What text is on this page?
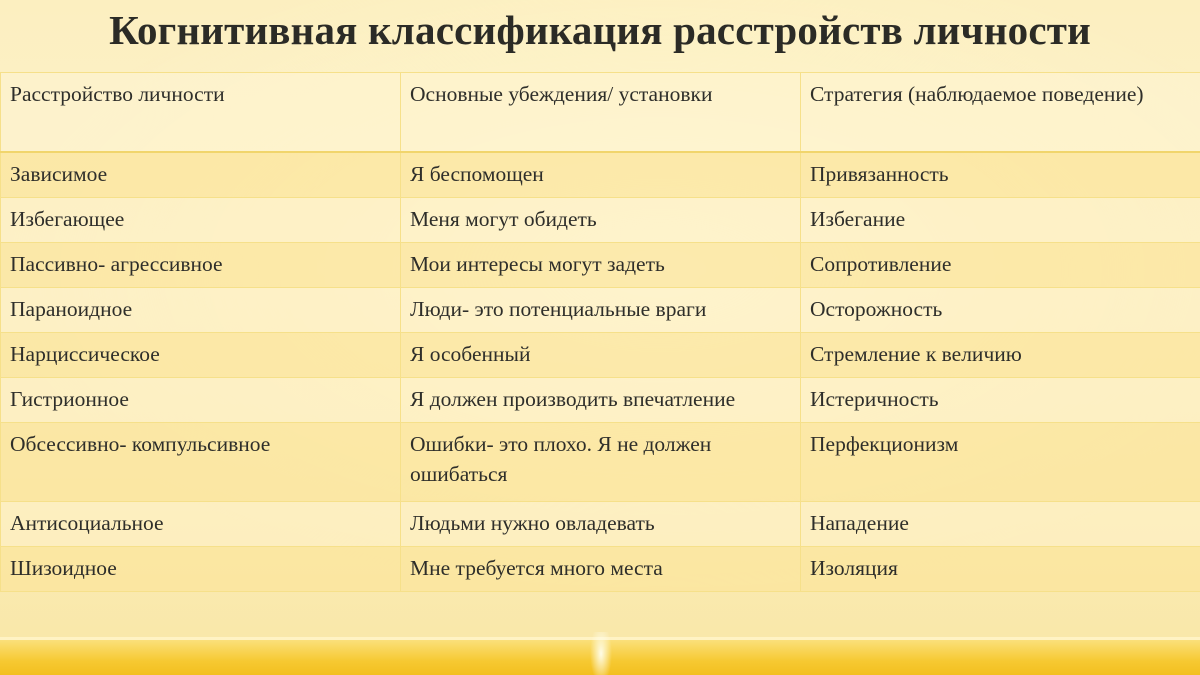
Когнитивная классификация расстройств личности
Расстройство личности	Основные убеждения/ установки	Стратегия (наблюдаемое поведение)
Зависимое	Я беспомощен	Привязанность
Избегающее	Меня могут обидеть	Избегание
Пассивно- агрессивное	Мои интересы могут задеть	Сопротивление
Параноидное	Люди- это потенциальные враги	Осторожность
Нарциссическое	Я особенный	Стремление к величию
Гистрионное	Я должен производить впечатление	Истеричность
Обсессивно- компульсивное	Ошибки- это плохо. Я не должен ошибаться	Перфекционизм
Антисоциальное	Людьми нужно овладевать	Нападение
Шизоидное	Мне требуется много места	Изоляция
